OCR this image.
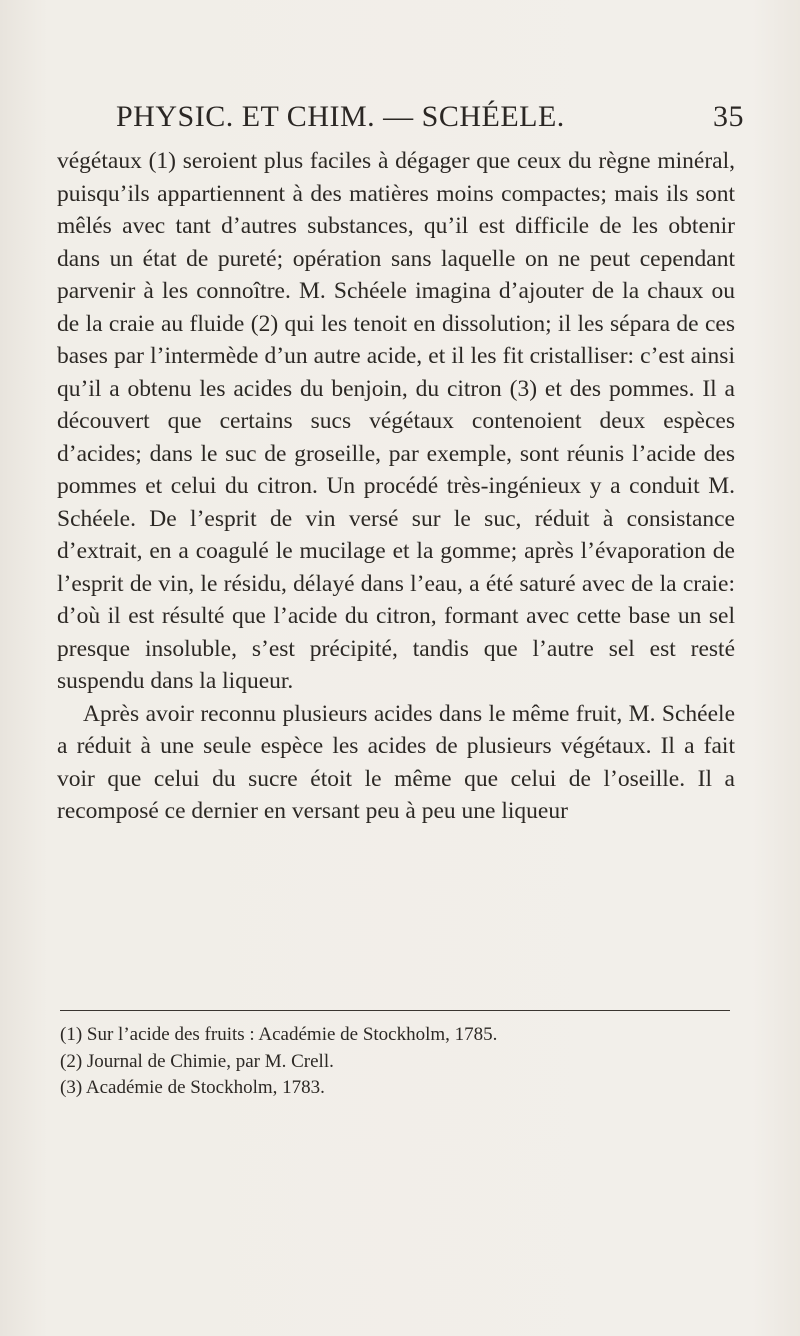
PHYSIC. ET CHIM. — SCHÉELE.	35

végétaux (1) seroient plus faciles à dégager que ceux du règne minéral, puisqu’ils appartiennent à des matières moins compactes; mais ils sont mêlés avec tant d’autres substances, qu’il est difficile de les obtenir dans un état de pureté; opération sans laquelle on ne peut cependant parvenir à les connoître. M. Schéele imagina d’ajouter de la chaux ou de la craie au fluide (2) qui les tenoit en dissolution; il les sépara de ces bases par l’intermède d’un autre acide, et il les fit cristalliser: c’est ainsi qu’il a obtenu les acides du benjoin, du citron (3) et des pommes. Il a découvert que certains sucs végétaux contenoient deux espèces d’acides; dans le suc de groseille, par exemple, sont réunis l’acide des pommes et celui du citron. Un procédé très-ingénieux y a conduit M. Schéele. De l’esprit de vin versé sur le suc, réduit à consistance d’extrait, en a coagulé le mucilage et la gomme; après l’évaporation de l’esprit de vin, le résidu, délayé dans l’eau, a été saturé avec de la craie: d’où il est résulté que l’acide du citron, formant avec cette base un sel presque insoluble, s’est précipité, tandis que l’autre sel est resté suspendu dans la liqueur.

Après avoir reconnu plusieurs acides dans le même fruit, M. Schéele a réduit à une seule espèce les acides de plusieurs végétaux. Il a fait voir que celui du sucre étoit le même que celui de l’oseille. Il a recomposé ce dernier en versant peu à peu une liqueur

(1) Sur l’acide des fruits : Académie de Stockholm, 1785.
(2) Journal de Chimie, par M. Crell.
(3) Académie de Stockholm, 1783.
